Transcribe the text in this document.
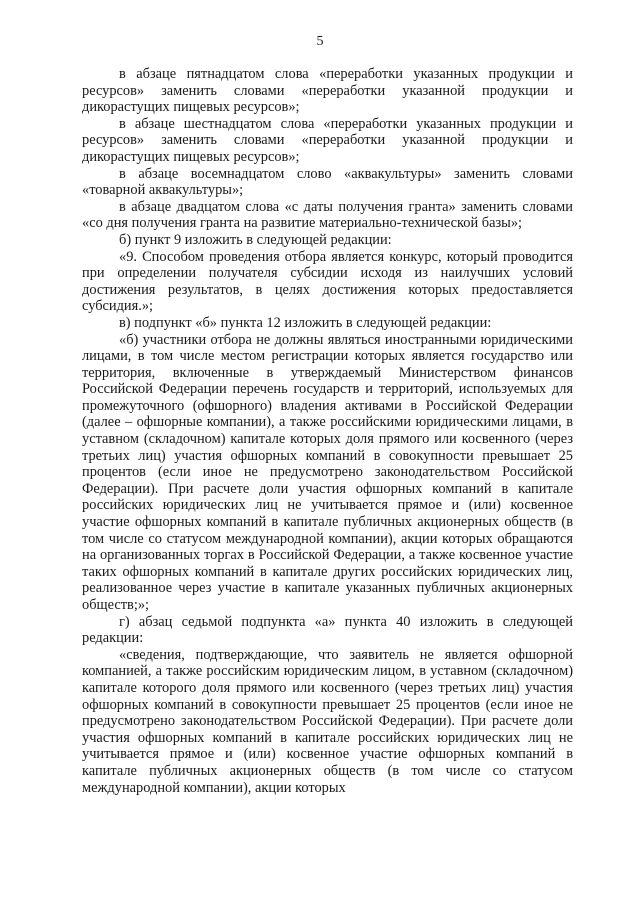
5

в абзаце пятнадцатом слова «переработки указанных продукции и ресурсов» заменить словами «переработки указанной продукции и дикорастущих пищевых ресурсов»;

в абзаце шестнадцатом слова «переработки указанных продукции и ресурсов» заменить словами «переработки указанной продукции и дикорастущих пищевых ресурсов»;

в абзаце восемнадцатом слово «аквакультуры» заменить словами «товарной аквакультуры»;

в абзаце двадцатом слова «с даты получения гранта» заменить словами «со дня получения гранта на развитие материально-технической базы»;

б) пункт 9 изложить в следующей редакции:

«9. Способом проведения отбора является конкурс, который проводится при определении получателя субсидии исходя из наилучших условий достижения результатов, в целях достижения которых предоставляется субсидия.»;

в) подпункт «б» пункта 12 изложить в следующей редакции:

«б) участники отбора не должны являться иностранными юридическими лицами, в том числе местом регистрации которых является государство или территория, включенные в утверждаемый Министерством финансов Российской Федерации перечень государств и территорий, используемых для промежуточного (офшорного) владения активами в Российской Федерации (далее – офшорные компании), а также российскими юридическими лицами, в уставном (складочном) капитале которых доля прямого или косвенного (через третьих лиц) участия офшорных компаний в совокупности превышает 25 процентов (если иное не предусмотрено законодательством Российской Федерации). При расчете доли участия офшорных компаний в капитале российских юридических лиц не учитывается прямое и (или) косвенное участие офшорных компаний в капитале публичных акционерных обществ (в том числе со статусом международной компании), акции которых обращаются на организованных торгах в Российской Федерации, а также косвенное участие таких офшорных компаний в капитале других российских юридических лиц, реализованное через участие в капитале указанных публичных акционерных обществ;»;

г) абзац седьмой подпункта «а» пункта 40 изложить в следующей редакции:

«сведения, подтверждающие, что заявитель не является офшорной компанией, а также российским юридическим лицом, в уставном (складочном) капитале которого доля прямого или косвенного (через третьих лиц) участия офшорных компаний в совокупности превышает 25 процентов (если иное не предусмотрено законодательством Российской Федерации). При расчете доли участия офшорных компаний в капитале российских юридических лиц не учитывается прямое и (или) косвенное участие офшорных компаний в капитале публичных акционерных обществ (в том числе со статусом международной компании), акции которых
